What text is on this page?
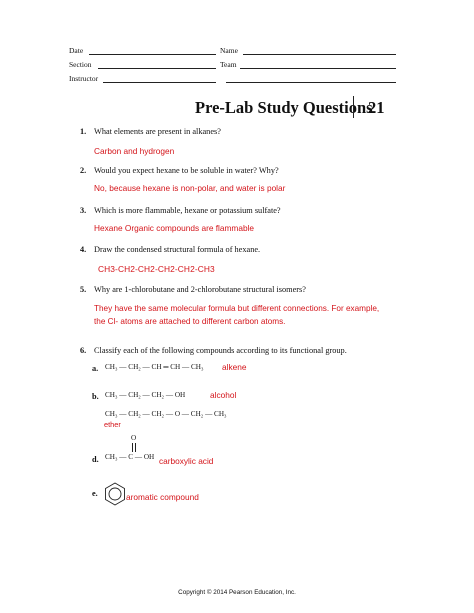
Date	Name
Section	Team
Instructor
Pre-Lab Study Questions
21
1. What elements are present in alkanes?
Carbon and hydrogen
2. Would you expect hexane to be soluble in water? Why?
No, because hexane is non-polar, and water is polar
3. Which is more flammable, hexane or potassium sulfate?
Hexane Organic compounds are flammable
4. Draw the condensed structural formula of hexane.
CH3-CH2-CH2-CH2-CH2-CH3
5. Why are 1-chlorobutane and 2-chlorobutane structural isomers?
They have the same molecular formula but different connections. For example,
the Cl- atoms are attached to different carbon atoms.
6. Classify each of the following compounds according to its functional group.
a. CH₃ — CH₂ — CH ═ CH — CH₃ alkene
b. CH₃ — CH₂ — CH₂ — OH	alcohol
CH₃ — CH₂ — CH₂ — O — CH₂ — CH₃
ether
O
d. CH₃ — C — OH carboxylic acid
e.	aromatic compound
Copyright © 2014 Pearson Education, Inc.
